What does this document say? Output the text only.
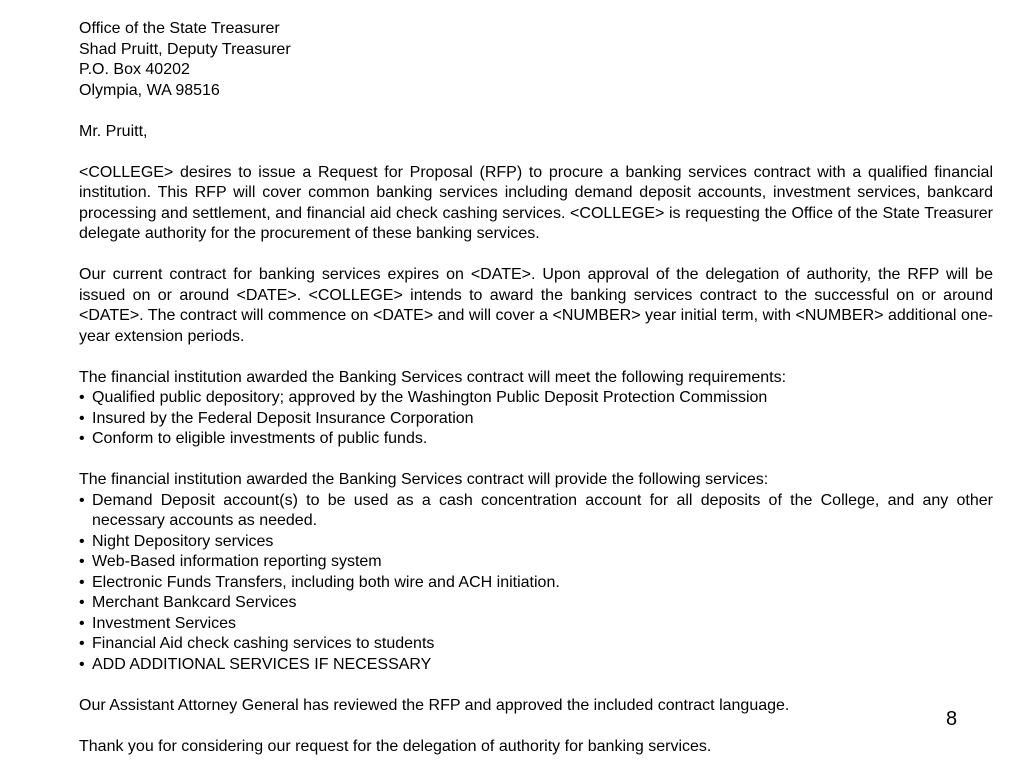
Office of the State Treasurer

Shad Pruitt, Deputy Treasurer

P.O. Box 40202

Olympia, WA 98516

Mr. Pruitt,

<COLLEGE> desires to issue a Request for Proposal (RFP) to procure a banking services contract with a qualified financial institution. This RFP will cover common banking services including demand deposit accounts, investment services, bankcard processing and settlement, and financial aid check cashing services. <COLLEGE> is requesting the Office of the State Treasurer delegate authority for the procurement of these banking services.

Our current contract for banking services expires on <DATE>. Upon approval of the delegation of authority, the RFP will be issued on or around <DATE>. <COLLEGE> intends to award the banking services contract to the successful on or around <DATE>. The contract will commence on <DATE> and will cover a <NUMBER> year initial term, with <NUMBER> additional one-year extension periods.

The financial institution awarded the Banking Services contract will meet the following requirements:

• Qualified public depository; approved by the Washington Public Deposit Protection Commission
• Insured by the Federal Deposit Insurance Corporation
• Conform to eligible investments of public funds.

The financial institution awarded the Banking Services contract will provide the following services:

• Demand Deposit account(s) to be used as a cash concentration account for all deposits of the College, and any other necessary accounts as needed.
• Night Depository services
• Web-Based information reporting system
• Electronic Funds Transfers, including both wire and ACH initiation.
• Merchant Bankcard Services
• Investment Services
• Financial Aid check cashing services to students
• ADD ADDITIONAL SERVICES IF NECESSARY

Our Assistant Attorney General has reviewed the RFP and approved the included contract language.

Thank you for considering our request for the delegation of authority for banking services.

8
